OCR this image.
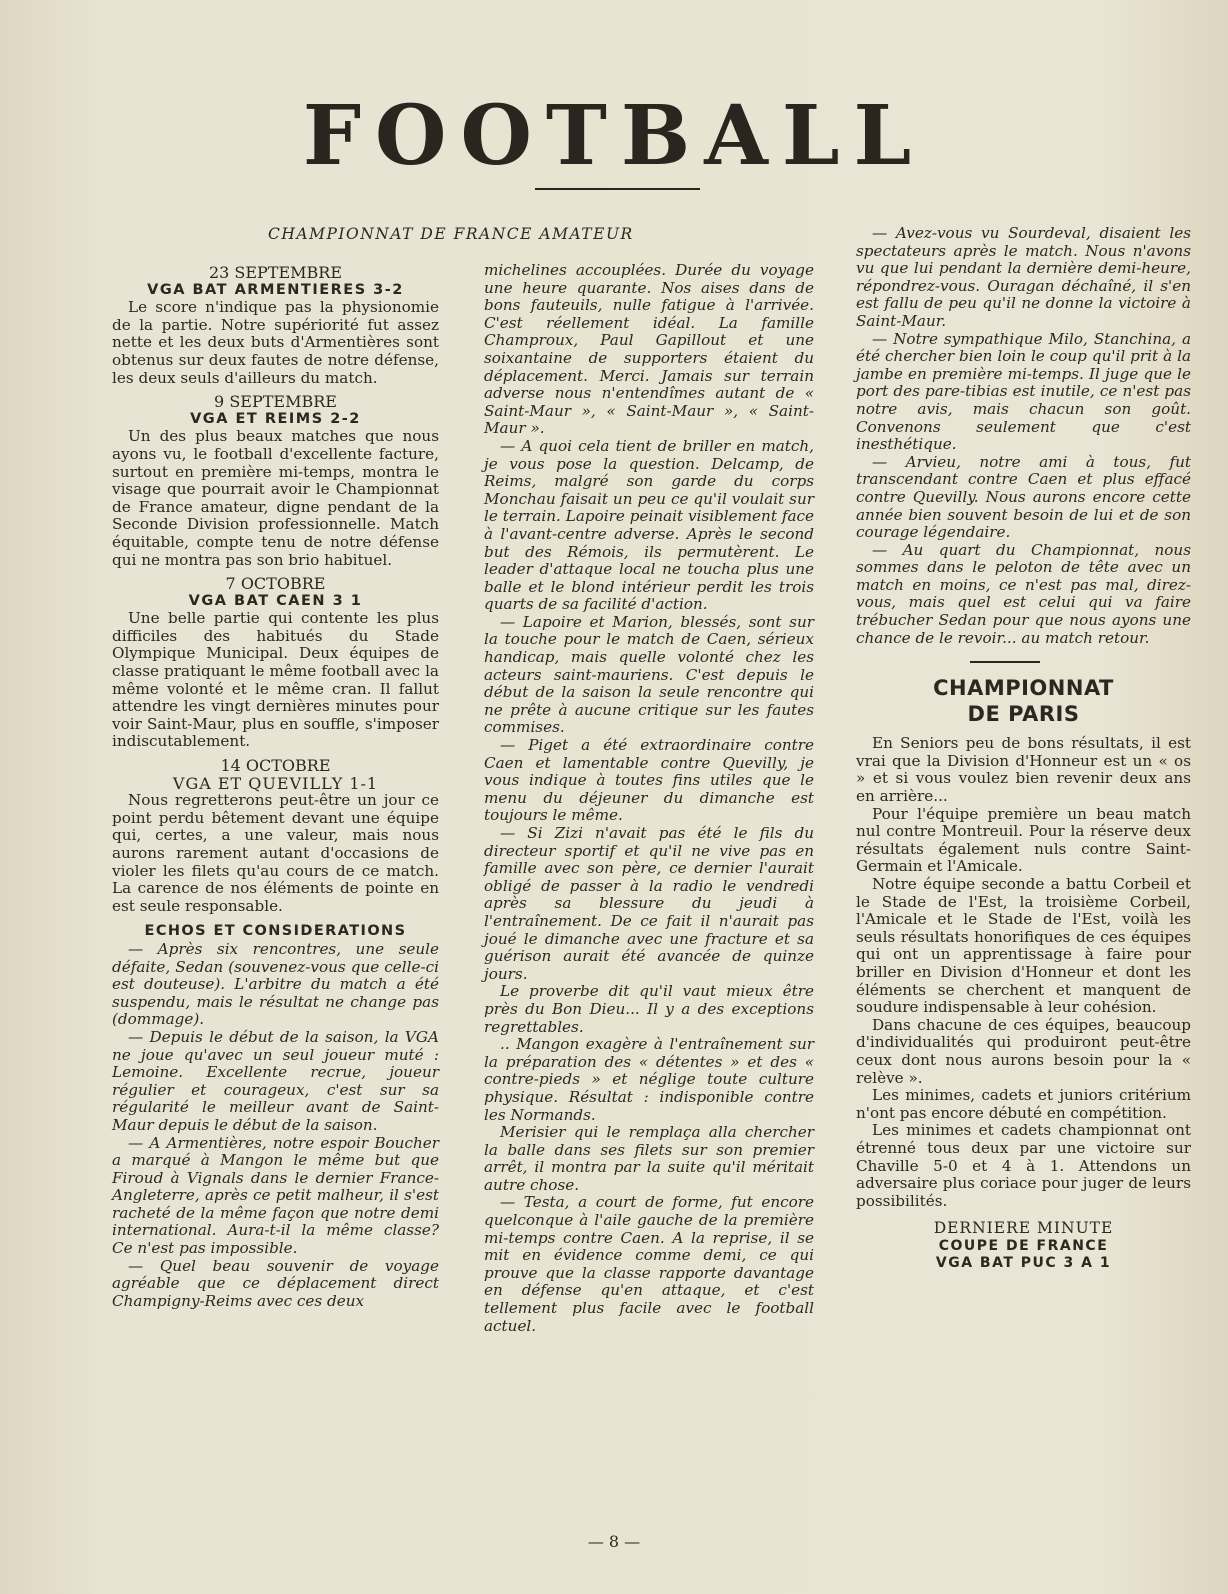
FOOTBALL
CHAMPIONNAT DE FRANCE AMATEUR

23 SEPTEMBRE

VGA BAT ARMENTIERES 3-2

Le score n'indique pas la physionomie de la partie. Notre supériorité fut assez nette et les deux buts d'Armentières sont obtenus sur deux fautes de notre défense, les deux seuls d'ailleurs du match.

9 SEPTEMBRE

VGA ET REIMS 2-2

Un des plus beaux matches que nous ayons vu, le football d'excellente facture, surtout en première mi-temps, montra le visage que pourrait avoir le Championnat de France amateur, digne pendant de la Seconde Division professionnelle. Match équitable, compte tenu de notre défense qui ne montra pas son brio habituel.

7 OCTOBRE

VGA BAT CAEN 3 1

Une belle partie qui contente les plus difficiles des habitués du Stade Olympique Municipal. Deux équipes de classe pratiquant le même football avec la même volonté et le même cran. Il fallut attendre les vingt dernières minutes pour voir Saint-Maur, plus en souffle, s'imposer indiscutablement.

14 OCTOBRE

VGA ET QUEVILLY 1-1

Nous regretterons peut-être un jour ce point perdu bêtement devant une équipe qui, certes, a une valeur, mais nous aurons rarement autant d'occasions de violer les filets qu'au cours de ce match. La carence de nos éléments de pointe en est seule responsable.

ECHOS ET CONSIDERATIONS

— Après six rencontres, une seule défaite, Sedan (souvenez-vous que celle-ci est douteuse). L'arbitre du match a été suspendu, mais le résultat ne change pas (dommage).

— Depuis le début de la saison, la VGA ne joue qu'avec un seul joueur muté : Lemoine. Excellente recrue, joueur régulier et courageux, c'est sur sa régularité le meilleur avant de Saint-Maur depuis le début de la saison.

— A Armentières, notre espoir Boucher a marqué à Mangon le même but que Firoud à Vignals dans le dernier France-Angleterre, après ce petit malheur, il s'est racheté de la même façon que notre demi international. Aura-t-il la même classe? Ce n'est pas impossible.

— Quel beau souvenir de voyage agréable que ce déplacement direct Champigny-Reims avec ces deux

michelines accouplées. Durée du voyage une heure quarante. Nos aises dans de bons fauteuils, nulle fatigue à l'arrivée. C'est réellement idéal. La famille Champroux, Paul Gapillout et une soixantaine de supporters étaient du déplacement. Merci. Jamais sur terrain adverse nous n'entendîmes autant de « Saint-Maur », « Saint-Maur », « Saint-Maur ».

— A quoi cela tient de briller en match, je vous pose la question. Delcamp, de Reims, malgré son garde du corps Monchau faisait un peu ce qu'il voulait sur le terrain. Lapoire peinait visiblement face à l'avant-centre adverse. Après le second but des Rémois, ils permutèrent. Le leader d'attaque local ne toucha plus une balle et le blond intérieur perdit les trois quarts de sa facilité d'action.

— Lapoire et Marion, blessés, sont sur la touche pour le match de Caen, sérieux handicap, mais quelle volonté chez les acteurs saint-mauriens. C'est depuis le début de la saison la seule rencontre qui ne prête à aucune critique sur les fautes commises.

— Piget a été extraordinaire contre Caen et lamentable contre Quevilly, je vous indique à toutes fins utiles que le menu du déjeuner du dimanche est toujours le même.

— Si Zizi n'avait pas été le fils du directeur sportif et qu'il ne vive pas en famille avec son père, ce dernier l'aurait obligé de passer à la radio le vendredi après sa blessure du jeudi à l'entraînement. De ce fait il n'aurait pas joué le dimanche avec une fracture et sa guérison aurait été avancée de quinze jours.

Le proverbe dit qu'il vaut mieux être près du Bon Dieu... Il y a des exceptions regrettables.

.. Mangon exagère à l'entraînement sur la préparation des « détentes » et des « contre-pieds » et néglige toute culture physique. Résultat : indisponible contre les Normands.

Merisier qui le remplaça alla chercher la balle dans ses filets sur son premier arrêt, il montra par la suite qu'il méritait autre chose.

— Testa, a court de forme, fut encore quelconque à l'aile gauche de la première mi-temps contre Caen. A la reprise, il se mit en évidence comme demi, ce qui prouve que la classe rapporte davantage en défense qu'en attaque, et c'est tellement plus facile avec le football actuel.

— Avez-vous vu Sourdeval, disaient les spectateurs après le match. Nous n'avons vu que lui pendant la dernière demi-heure, répondrez-vous. Ouragan déchaîné, il s'en est fallu de peu qu'il ne donne la victoire à Saint-Maur.

— Notre sympathique Milo, Stanchina, a été chercher bien loin le coup qu'il prit à la jambe en première mi-temps. Il juge que le port des pare-tibias est inutile, ce n'est pas notre avis, mais chacun son goût. Convenons seulement que c'est inesthétique.

— Arvieu, notre ami à tous, fut transcendant contre Caen et plus effacé contre Quevilly. Nous aurons encore cette année bien souvent besoin de lui et de son courage légendaire.

— Au quart du Championnat, nous sommes dans le peloton de tête avec un match en moins, ce n'est pas mal, direz-vous, mais quel est celui qui va faire trébucher Sedan pour que nous ayons une chance de le revoir... au match retour.

CHAMPIONNAT
DE PARIS

En Seniors peu de bons résultats, il est vrai que la Division d'Honneur est un « os » et si vous voulez bien revenir deux ans en arrière...

Pour l'équipe première un beau match nul contre Montreuil. Pour la réserve deux résultats également nuls contre Saint-Germain et l'Amicale.

Notre équipe seconde a battu Corbeil et le Stade de l'Est, la troisième Corbeil, l'Amicale et le Stade de l'Est, voilà les seuls résultats honorifiques de ces équipes qui ont un apprentissage à faire pour briller en Division d'Honneur et dont les éléments se cherchent et manquent de soudure indispensable à leur cohésion.

Dans chacune de ces équipes, beaucoup d'individualités qui produiront peut-être ceux dont nous aurons besoin pour la « relève ».

Les minimes, cadets et juniors critérium n'ont pas encore débuté en compétition.

Les minimes et cadets championnat ont étrenné tous deux par une victoire sur Chaville 5-0 et 4 à 1. Attendons un adversaire plus coriace pour juger de leurs possibilités.

DERNIERE MINUTE

COUPE DE FRANCE

VGA BAT PUC 3 A 1

— 8 —
